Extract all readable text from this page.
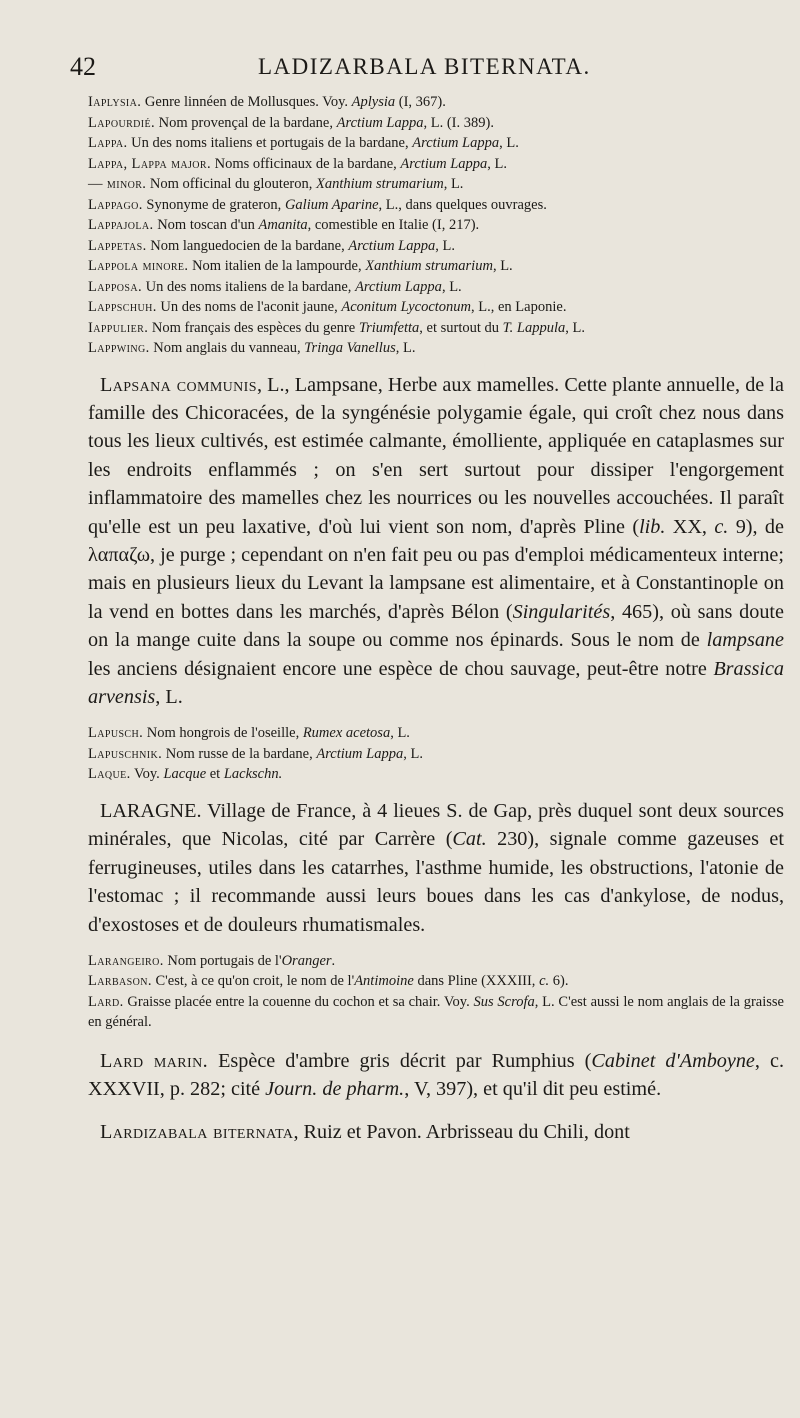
42	LADIZARBALA BITERNATA.

Iaplysia. Genre linnéen de Mollusques. Voy. Aplysia (I, 367).

Lapourdié. Nom provençal de la bardane, Arctium Lappa, L. (I. 389).

Lappa. Un des noms italiens et portugais de la bardane, Arctium Lappa, L.

Lappa, Lappa major. Noms officinaux de la bardane, Arctium Lappa, L.

— minor. Nom officinal du glouteron, Xanthium strumarium, L.

Lappago. Synonyme de grateron, Galium Aparine, L., dans quelques ouvrages.

Lappajola. Nom toscan d'un Amanita, comestible en Italie (I, 217).

Lappetas. Nom languedocien de la bardane, Arctium Lappa, L.

Lappola minore. Nom italien de la lampourde, Xanthium strumarium, L.

Lapposa. Un des noms italiens de la bardane, Arctium Lappa, L.

Lappschuh. Un des noms de l'aconit jaune, Aconitum Lycoctonum, L., en Laponie.

Iappulier. Nom français des espèces du genre Triumfetta, et surtout du T. Lappula, L.

Lappwing. Nom anglais du vanneau, Tringa Vanellus, L.

Lapsana communis, L., Lampsane, Herbe aux mamelles. Cette plante annuelle, de la famille des Chicoracées, de la syngénésie polygamie égale, qui croît chez nous dans tous les lieux cultivés, est estimée calmante, émolliente, appliquée en cataplasmes sur les endroits enflammés ; on s'en sert surtout pour dissiper l'engorgement inflammatoire des mamelles chez les nourrices ou les nouvelles accouchées. Il paraît qu'elle est un peu laxative, d'où lui vient son nom, d'après Pline (lib. XX, c. 9), de λαπαζω, je purge ; cependant on n'en fait peu ou pas d'emploi médicamenteux interne; mais en plusieurs lieux du Levant la lampsane est alimentaire, et à Constantinople on la vend en bottes dans les marchés, d'après Bélon (Singularités, 465), où sans doute on la mange cuite dans la soupe ou comme nos épinards. Sous le nom de lampsane les anciens désignaient encore une espèce de chou sauvage, peut-être notre Brassica arvensis, L.

Lapusch. Nom hongrois de l'oseille, Rumex acetosa, L.

Lapuschnik. Nom russe de la bardane, Arctium Lappa, L.

Laque. Voy. Lacque et Lackschn.

LARAGNE. Village de France, à 4 lieues S. de Gap, près duquel sont deux sources minérales, que Nicolas, cité par Carrère (Cat. 230), signale comme gazeuses et ferrugineuses, utiles dans les catarrhes, l'asthme humide, les obstructions, l'atonie de l'estomac ; il recommande aussi leurs boues dans les cas d'ankylose, de nodus, d'exostoses et de douleurs rhumatismales.

Larangeiro. Nom portugais de l'Oranger.

Larbason. C'est, à ce qu'on croit, le nom de l'Antimoine dans Pline (XXXIII, c. 6).

Lard. Graisse placée entre la couenne du cochon et sa chair. Voy. Sus Scrofa, L. C'est aussi le nom anglais de la graisse en général.

Lard marin. Espèce d'ambre gris décrit par Rumphius (Cabinet d'Amboyne, c. XXXVII, p. 282; cité Journ. de pharm., V, 397), et qu'il dit peu estimé.

Lardizabala biternata, Ruiz et Pavon. Arbrisseau du Chili, dont
